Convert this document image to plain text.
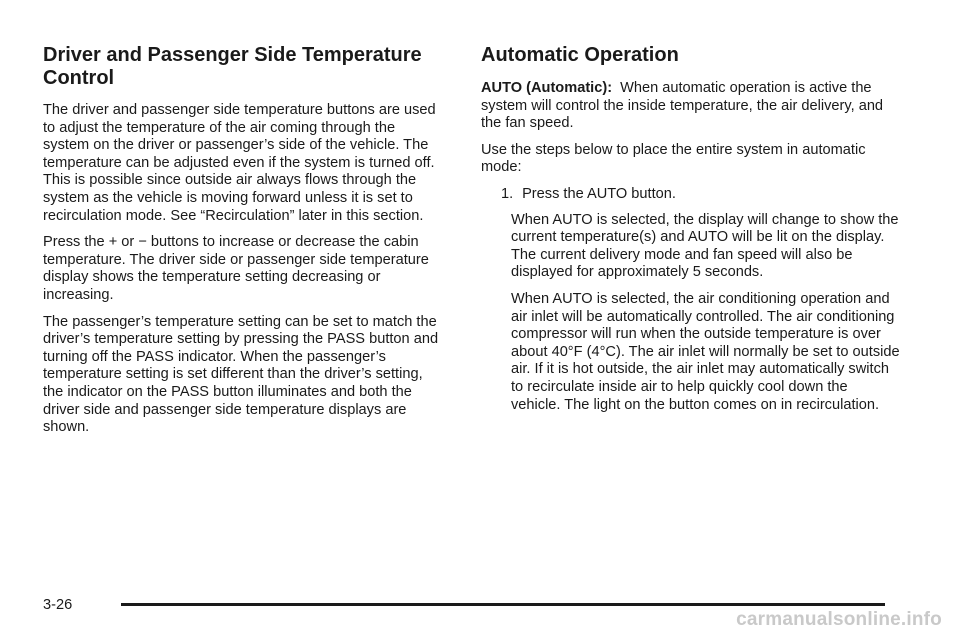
Driver and Passenger Side Temperature Control

The driver and passenger side temperature buttons are used to adjust the temperature of the air coming through the system on the driver or passenger’s side of the vehicle. The temperature can be adjusted even if the system is turned off. This is possible since outside air always flows through the system as the vehicle is moving forward unless it is set to recirculation mode. See “Recirculation” later in this section.

Press the + or − buttons to increase or decrease the cabin temperature. The driver side or passenger side temperature display shows the temperature setting decreasing or increasing.

The passenger’s temperature setting can be set to match the driver’s temperature setting by pressing the PASS button and turning off the PASS indicator. When the passenger’s temperature setting is set different than the driver’s setting, the indicator on the PASS button illuminates and both the driver side and passenger side temperature displays are shown.

Automatic Operation

AUTO (Automatic): When automatic operation is active the system will control the inside temperature, the air delivery, and the fan speed.

Use the steps below to place the entire system in automatic mode:

1. Press the AUTO button.

When AUTO is selected, the display will change to show the current temperature(s) and AUTO will be lit on the display. The current delivery mode and fan speed will also be displayed for approximately 5 seconds.

When AUTO is selected, the air conditioning operation and air inlet will be automatically controlled. The air conditioning compressor will run when the outside temperature is over about 40°F (4°C). The air inlet will normally be set to outside air. If it is hot outside, the air inlet may automatically switch to recirculate inside air to help quickly cool down the vehicle. The light on the button comes on in recirculation.

3-26
carmanualsonline.info
